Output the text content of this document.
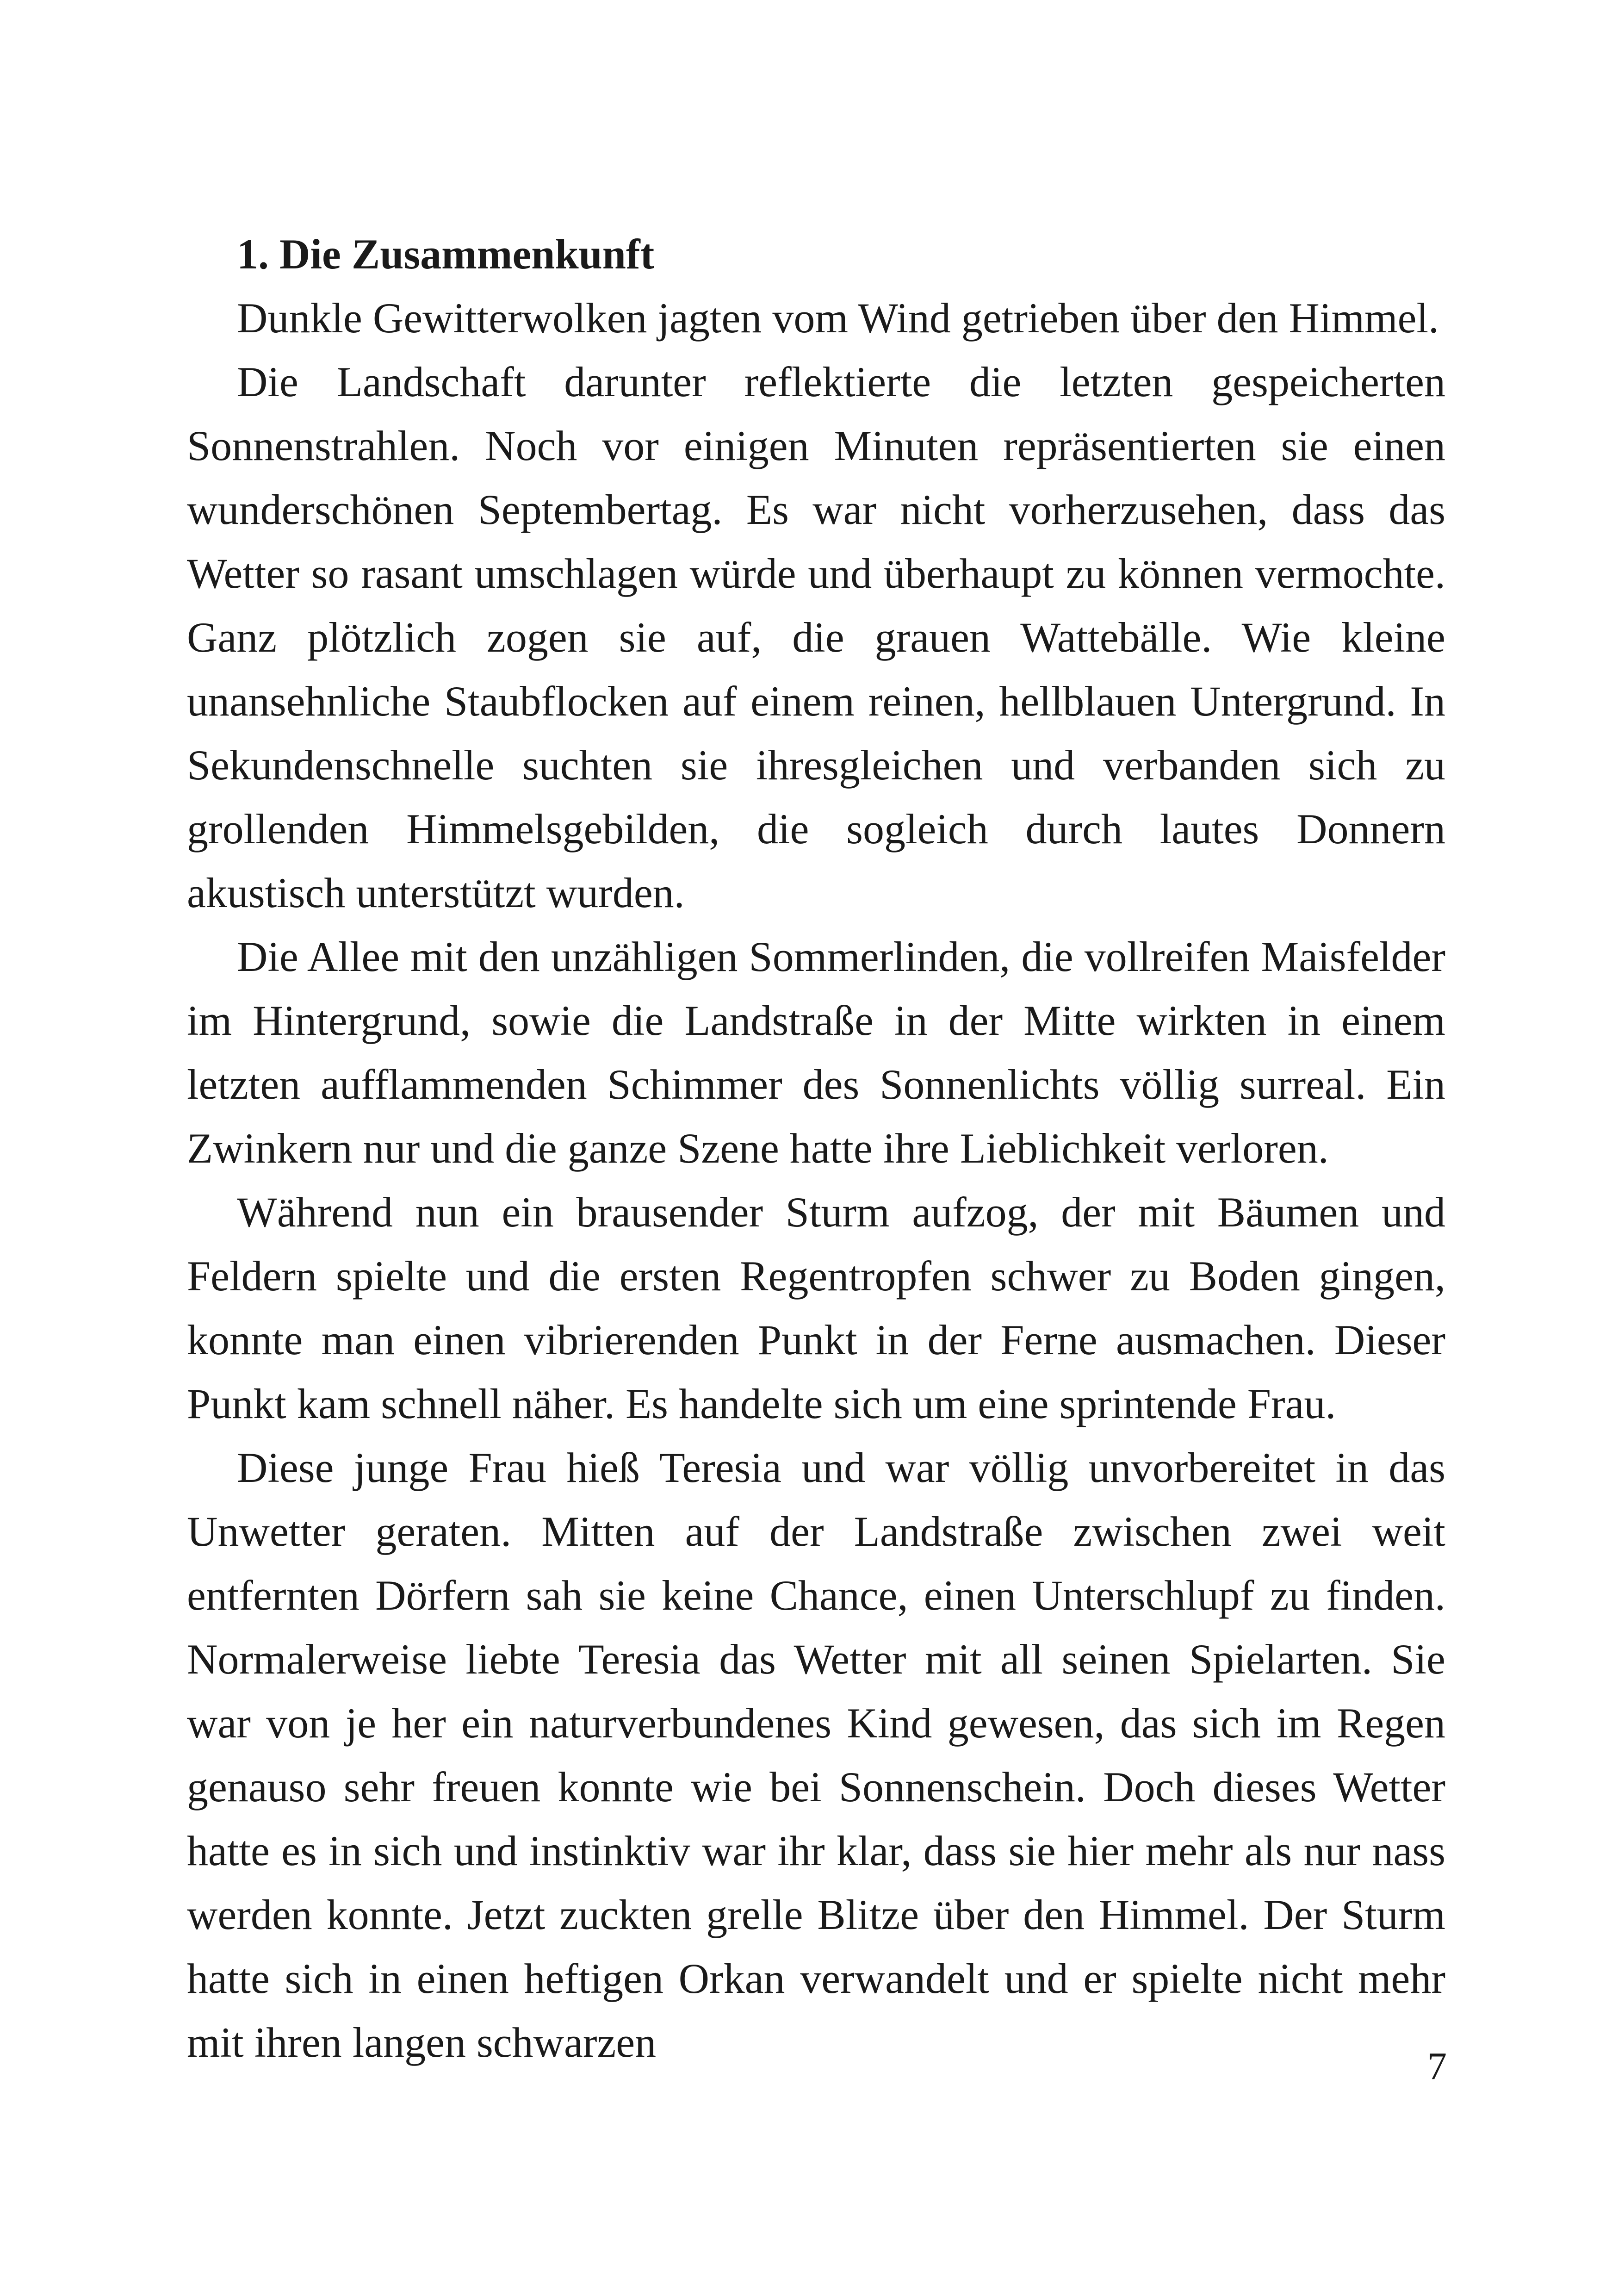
1. Die Zusammenkunft

Dunkle Gewitterwolken jagten vom Wind getrieben über den Himmel.

Die Landschaft darunter reflektierte die letzten gespeicherten Sonnenstrahlen. Noch vor einigen Minuten repräsentierten sie einen wunderschönen Septembertag. Es war nicht vorherzusehen, dass das Wetter so rasant umschlagen würde und überhaupt zu können vermochte. Ganz plötzlich zogen sie auf, die grauen Wattebälle. Wie kleine unansehnliche Staubflocken auf einem reinen, hellblauen Untergrund. In Sekundenschnelle suchten sie ihresgleichen und verbanden sich zu grollenden Himmelsgebilden, die sogleich durch lautes Donnern akustisch unterstützt wurden.

Die Allee mit den unzähligen Sommerlinden, die vollreifen Maisfelder im Hintergrund, sowie die Landstraße in der Mitte wirkten in einem letzten aufflammenden Schimmer des Sonnenlichts völlig surreal. Ein Zwinkern nur und die ganze Szene hatte ihre Lieblichkeit verloren.

Während nun ein brausender Sturm aufzog, der mit Bäumen und Feldern spielte und die ersten Regentropfen schwer zu Boden gingen, konnte man einen vibrierenden Punkt in der Ferne ausmachen. Dieser Punkt kam schnell näher. Es handelte sich um eine sprintende Frau.

Diese junge Frau hieß Teresia und war völlig unvorbereitet in das Unwetter geraten. Mitten auf der Landstraße zwischen zwei weit entfernten Dörfern sah sie keine Chance, einen Unterschlupf zu finden. Normalerweise liebte Teresia das Wetter mit all seinen Spielarten. Sie war von je her ein naturverbundenes Kind gewesen, das sich im Regen genauso sehr freuen konnte wie bei Sonnenschein. Doch dieses Wetter hatte es in sich und instinktiv war ihr klar, dass sie hier mehr als nur nass werden konnte. Jetzt zuckten grelle Blitze über den Himmel. Der Sturm hatte sich in einen heftigen Orkan verwandelt und er spielte nicht mehr mit ihren langen schwarzen

7
